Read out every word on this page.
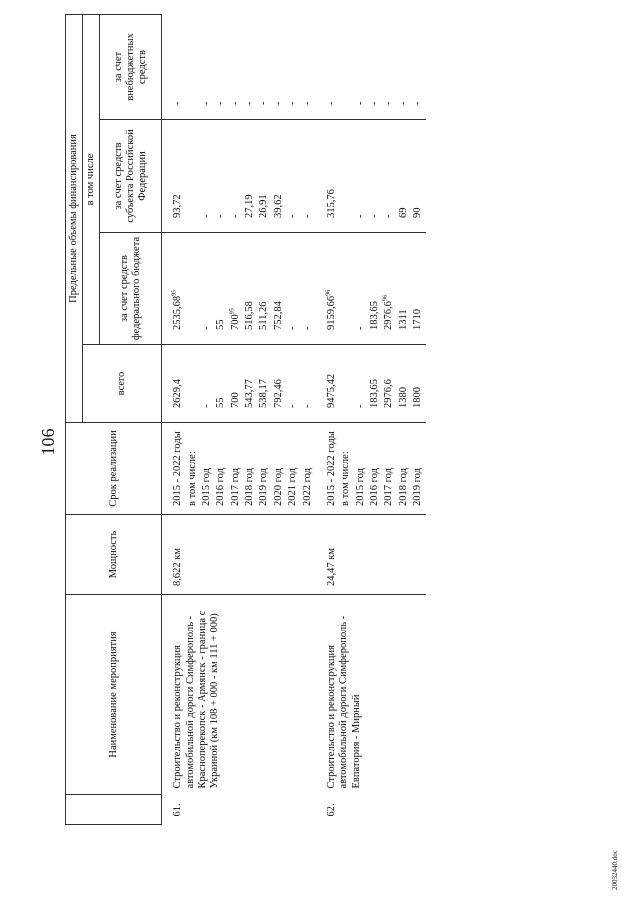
106
20032440.doc
	Наименование мероприятия	Мощность	Срок реализации	Предельные объемы финансирования			
				всего	в том числе		
					за счет средств федерального бюджета	за счет средств субъекта Российской Федерации	за счет внебюджетных средств
61.	Строительство и реконструкция автомобильной дороги Симферополь - Красноперекопск - Армянск - граница с Украиной (км 108 + 000 - км 111 + 000)	8,622 км	2015 - 2022 годы	2629,4	2535,68$^{95}$	93,72	-
			в том числе:				
			2015 год	-	-	-	-
			2016 год	55	55	-	-
			2017 год	700	$700^{95}$	-	-
			2018 год	543,77	516,58	27,19	-
			2019 год	538,17	511,26	26,91	-
			2020 год	792,46	752,84	39,62	-
			2021 год	-	-	-	-
			2022 год	-	-	-	-

62.	Строительство и реконструкция автомобильной дороги Симферополь - Евпатория - Мирный	24,47 км	2015 - 2022 годы	9475,42	9159,66$^{96}$	315,76	-
			в том числе:				
			2015 год	-	-	-	-
			2016 год	183,65	183,65	-	-
			2017 год	2976,6	2976,6$^{96}$	-	-
			2018 год	1380	1311	69	-
			2019 год	1800	1710	90	-
